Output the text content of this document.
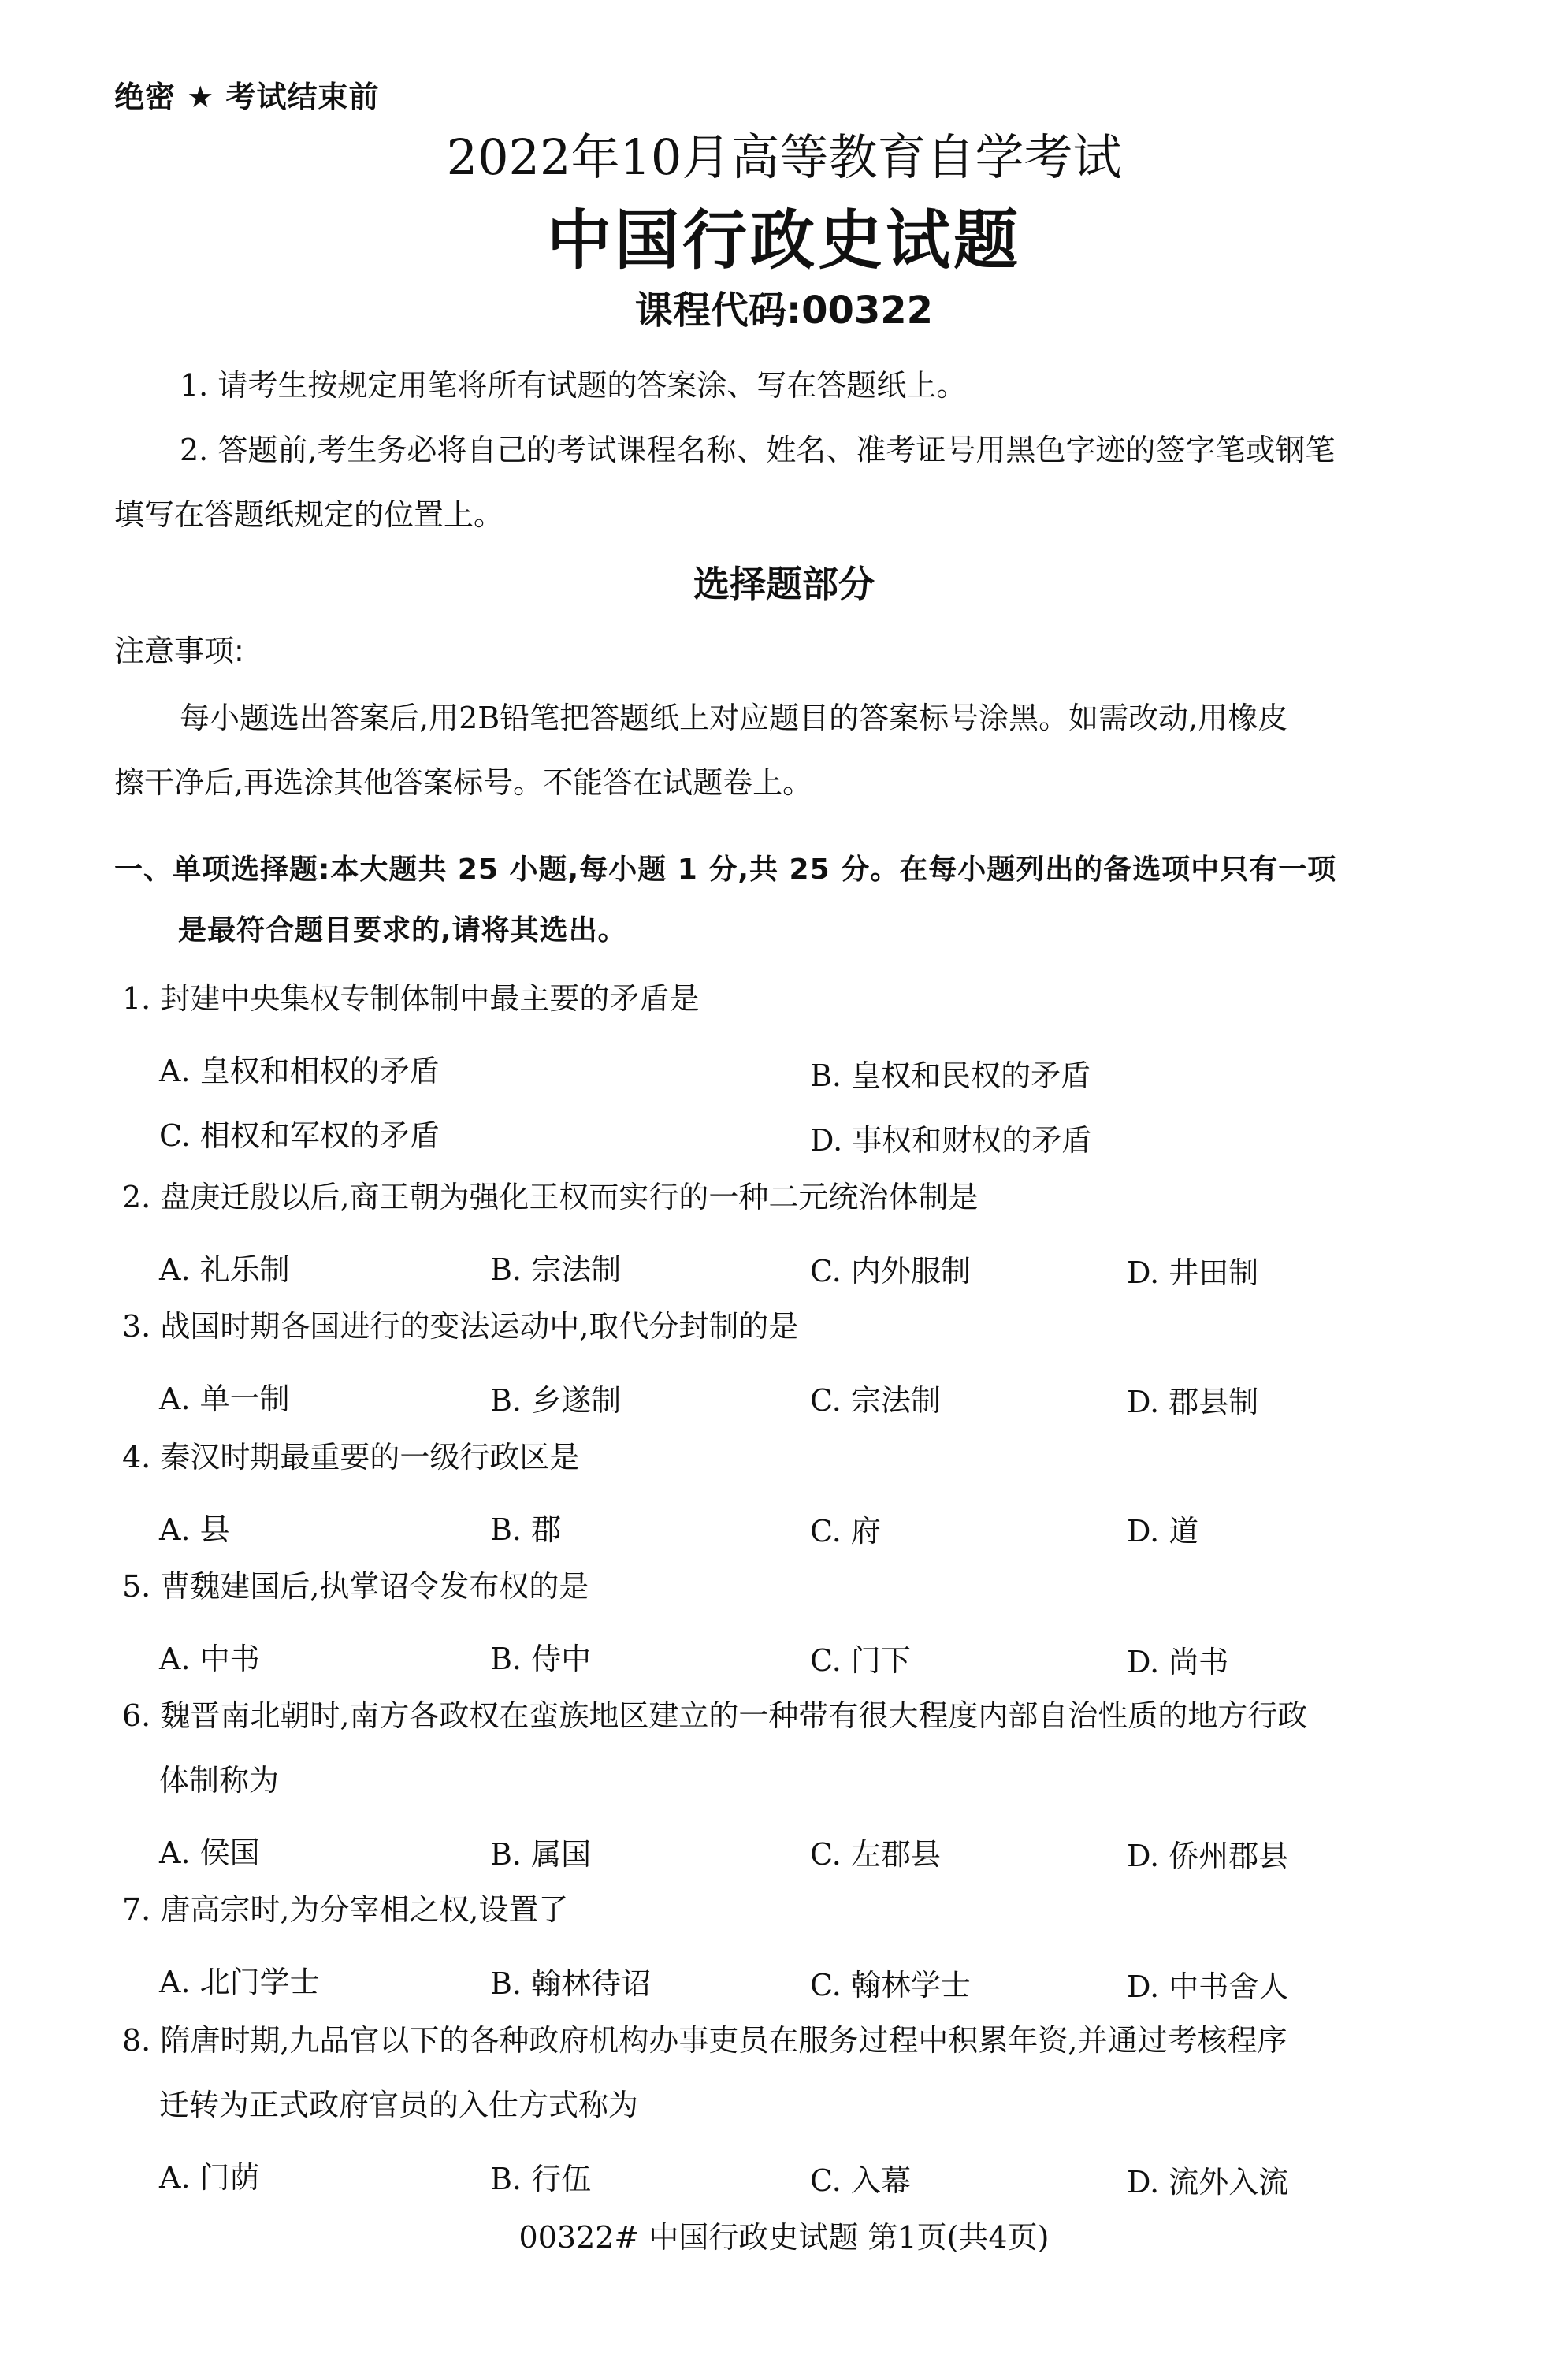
绝密 ★ 考试结束前
2022年10月高等教育自学考试
中国行政史试题
课程代码:00322
1. 请考生按规定用笔将所有试题的答案涂、写在答题纸上。
2. 答题前,考生务必将自己的考试课程名称、姓名、准考证号用黑色字迹的签字笔或钢笔
填写在答题纸规定的位置上。
选择题部分
注意事项:
每小题选出答案后,用2B铅笔把答题纸上对应题目的答案标号涂黑。如需改动,用橡皮
擦干净后,再选涂其他答案标号。不能答在试题卷上。
一、单项选择题:本大题共 25 小题,每小题 1 分,共 25 分。在每小题列出的备选项中只有一项
是最符合题目要求的,请将其选出。
1. 封建中央集权专制体制中最主要的矛盾是
A. 皇权和相权的矛盾	B. 皇权和民权的矛盾
C. 相权和军权的矛盾	D. 事权和财权的矛盾
2. 盘庚迁殷以后,商王朝为强化王权而实行的一种二元统治体制是
A. 礼乐制	B. 宗法制	C. 内外服制	D. 井田制
3. 战国时期各国进行的变法运动中,取代分封制的是
A. 单一制	B. 乡遂制	C. 宗法制	D. 郡县制
4. 秦汉时期最重要的一级行政区是
A. 县	B. 郡	C. 府	D. 道
5. 曹魏建国后,执掌诏令发布权的是
A. 中书	B. 侍中	C. 门下	D. 尚书
6. 魏晋南北朝时,南方各政权在蛮族地区建立的一种带有很大程度内部自治性质的地方行政
体制称为
A. 侯国	B. 属国	C. 左郡县	D. 侨州郡县
7. 唐高宗时,为分宰相之权,设置了
A. 北门学士	B. 翰林待诏	C. 翰林学士	D. 中书舍人
8. 隋唐时期,九品官以下的各种政府机构办事吏员在服务过程中积累年资,并通过考核程序
迁转为正式政府官员的入仕方式称为
A. 门荫	B. 行伍	C. 入幕	D. 流外入流
00322# 中国行政史试题 第1页(共4页)
